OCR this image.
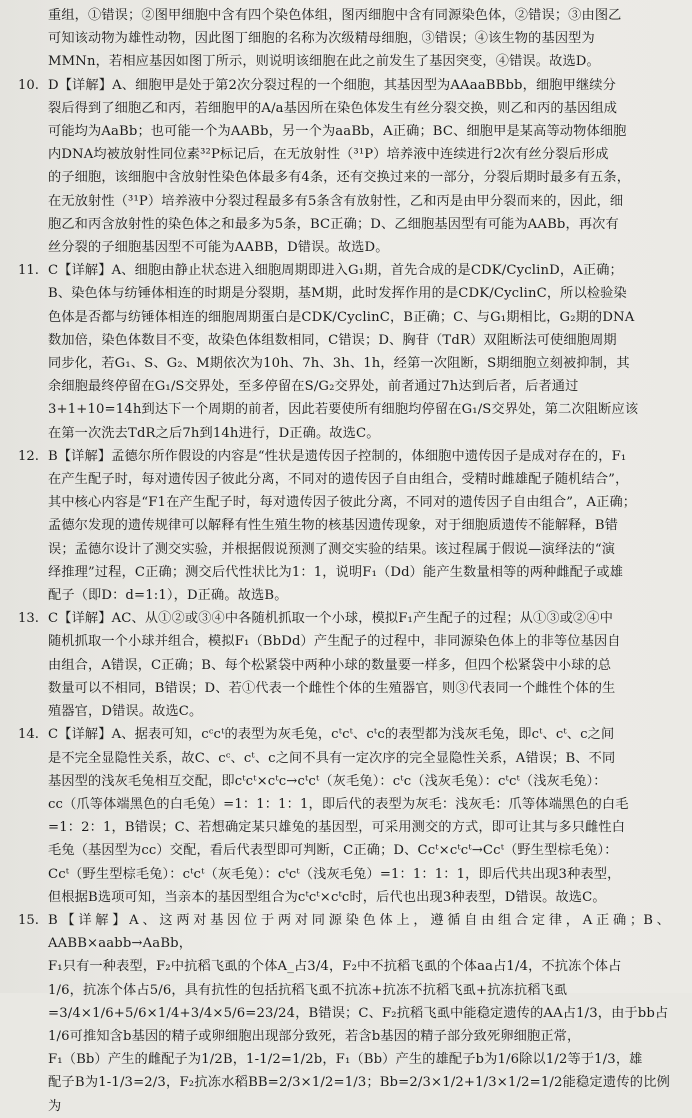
重组，①错误；②图甲细胞中含有四个染色体组，图丙细胞中含有同源染色体，②错误；③由图乙

可知该动物为雄性动物，因此图丁细胞的名称为次级精母细胞，③错误；④该生物的基因型为

MMNn，若相应基因如图丁所示，则说明该细胞在此之前发生了基因突变，④错误。故选D。

10. D【详解】A、细胞甲是处于第2次分裂过程的一个细胞，其基因型为AAaaBBbb，细胞甲继续分

裂后得到了细胞乙和丙，若细胞甲的A/a基因所在染色体发生有丝分裂交换，则乙和丙的基因组成

可能均为AaBb；也可能一个为AABb，另一个为aaBb，A正确；BC、细胞甲是某高等动物体细胞

内DNA均被放射性同位素³²P标记后，在无放射性（³¹P）培养液中连续进行2次有丝分裂后形成

的子细胞，该细胞中含放射性染色体最多有4条，还有交换过来的一部分，分裂后期时最多有五条，

在无放射性（³¹P）培养液中分裂过程最多有5条含有放射性，乙和丙是由甲分裂而来的，因此，细

胞乙和丙含放射性的染色体之和最多为5条，BC正确；D、乙细胞基因型有可能为AABb，再次有

丝分裂的子细胞基因型不可能为AABB，D错误。故选D。

11. C【详解】A、细胞由静止状态进入细胞周期即进入G₁期，首先合成的是CDK/CyclinD，A正确；

B、染色体与纺锤体相连的时期是分裂期，基M期，此时发挥作用的是CDK/CyclinC，所以检验染

色体是否都与纺锤体相连的细胞周期蛋白是CDK/CyclinC，B正确；C、与G₁期相比，G₂期的DNA

数加倍，染色体数目不变，故染色体组数相同，C错误；D、胸苷（TdR）双阻断法可使细胞周期

同步化，若G₁、S、G₂、M期依次为10h、7h、3h、1h，经第一次阻断，S期细胞立刻被抑制，其

余细胞最终停留在G₁/S交界处，至多停留在S/G₂交界处，前者通过7h达到后者，后者通过

3+1+10=14h到达下一个周期的前者，因此若要使所有细胞均停留在G₁/S交界处，第二次阻断应该

在第一次洗去TdR之后7h到14h进行，D正确。故选C。

12. B【详解】孟德尔所作假设的内容是“性状是遗传因子控制的，体细胞中遗传因子是成对存在的，F₁

在产生配子时，每对遗传因子彼此分离，不同对的遗传因子自由组合，受精时雌雄配子随机结合”，

其中核心内容是“F1在产生配子时，每对遗传因子彼此分离，不同对的遗传因子自由组合”，A正确；

孟德尔发现的遗传规律可以解释有性生殖生物的核基因遗传现象，对于细胞质遗传不能解释，B错

误；孟德尔设计了测交实验，并根据假说预测了测交实验的结果。该过程属于假说—演绎法的“演

绎推理”过程，C正确；测交后代性状比为1：1，说明F₁（Dd）能产生数量相等的两种雌配子或雄

配子（即D：d=1:1），D正确。故选B。

13. C【详解】AC、从①②或③④中各随机抓取一个小球，模拟F₁产生配子的过程；从①③或②④中

随机抓取一个小球并组合，模拟F₁（BbDd）产生配子的过程中，非同源染色体上的非等位基因自

由组合，A错误，C正确；B、每个松紧袋中两种小球的数量要一样多，但四个松紧袋中小球的总

数量可以不相同，B错误；D、若①代表一个雌性个体的生殖器官，则③代表同一个雌性个体的生

殖器官，D错误。故选C。

14. C【详解】A、据表可知，cᶜcᵗ的表型为灰毛兔，cᵗcᵗ、cᵗc的表型都为浅灰毛兔，即cᵗ、cᵗ、c之间

是不完全显隐性关系，故C、cᶜ、cᵗ、c之间不具有一定次序的完全显隐性关系，A错误；B、不同

基因型的浅灰毛兔相互交配，即cᵗcᵗ×cᵗc→cᵗcᵗ（灰毛兔）：cᵗc（浅灰毛兔）：cᵗcᵗ（浅灰毛兔）：

cc（爪等体端黑色的白毛兔）=1：1：1：1，即后代的表型为灰毛：浅灰毛：爪等体端黑色的白毛

=1：2：1，B错误；C、若想确定某只雄兔的基因型，可采用测交的方式，即可让其与多只雌性白

毛兔（基因型为cc）交配，看后代表型即可判断，C正确；D、Ccᵗ×cᵗcᵗ→Ccᵗ（野生型棕毛兔）：

Ccᵗ（野生型棕毛兔）：cᵗcᵗ（灰毛兔）：cᵗcᵗ（浅灰毛兔）=1：1：1：1，即后代共出现3种表型，

但根据B选项可知，当亲本的基因型组合为cᵗcᵗ×cᵗc时，后代也出现3种表型，D错误。故选C。

15. B【详解】A、这两对基因位于两对同源染色体上，遵循自由组合定律，A正确；B、AABB×aabb→AaBb，

F₁只有一种表型，F₂中抗稻飞虱的个体A_占3/4，F₂中不抗稻飞虱的个体aa占1/4，不抗冻个体占

1/6，抗冻个体占5/6，具有抗性的包括抗稻飞虱不抗冻+抗冻不抗稻飞虱+抗冻抗稻飞虱

=3/4×1/6+5/6×1/4+3/4×5/6=23/24，B错误；C、F₂抗稻飞虱中能稳定遗传的AA占1/3，由于bb占

1/6可推知含b基因的精子或卵细胞出现部分致死，若含b基因的精子部分致死卵细胞正常，

F₁（Bb）产生的雌配子为1/2B，1-1/2=1/2b，F₁（Bb）产生的雄配子b为1/6除以1/2等于1/3，雄

配子B为1-1/3=2/3，F₂抗冻水稻BB=2/3×1/2=1/3；Bb=2/3×1/2+1/3×1/2=1/2能稳定遗传的比例为
